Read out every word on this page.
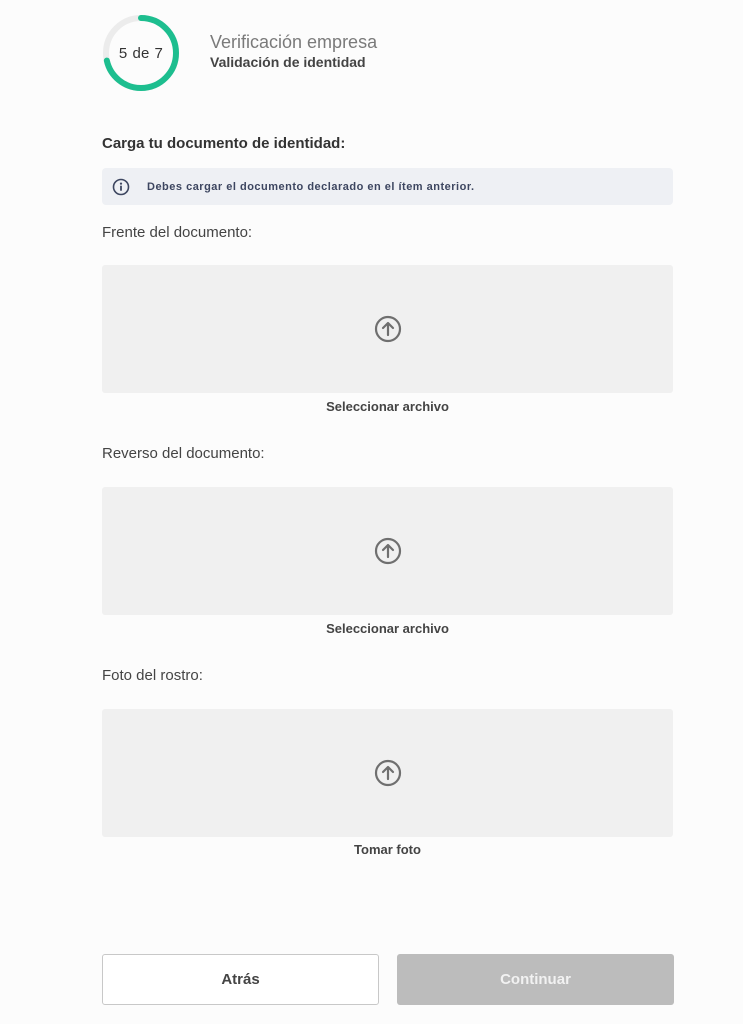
5 de 7
Verificación empresa
Validación de identidad
Carga tu documento de identidad:
Debes cargar el documento declarado en el ítem anterior.
Frente del documento:
Seleccionar archivo
Reverso del documento:
Seleccionar archivo
Foto del rostro:
Tomar foto
Atrás	Continuar
